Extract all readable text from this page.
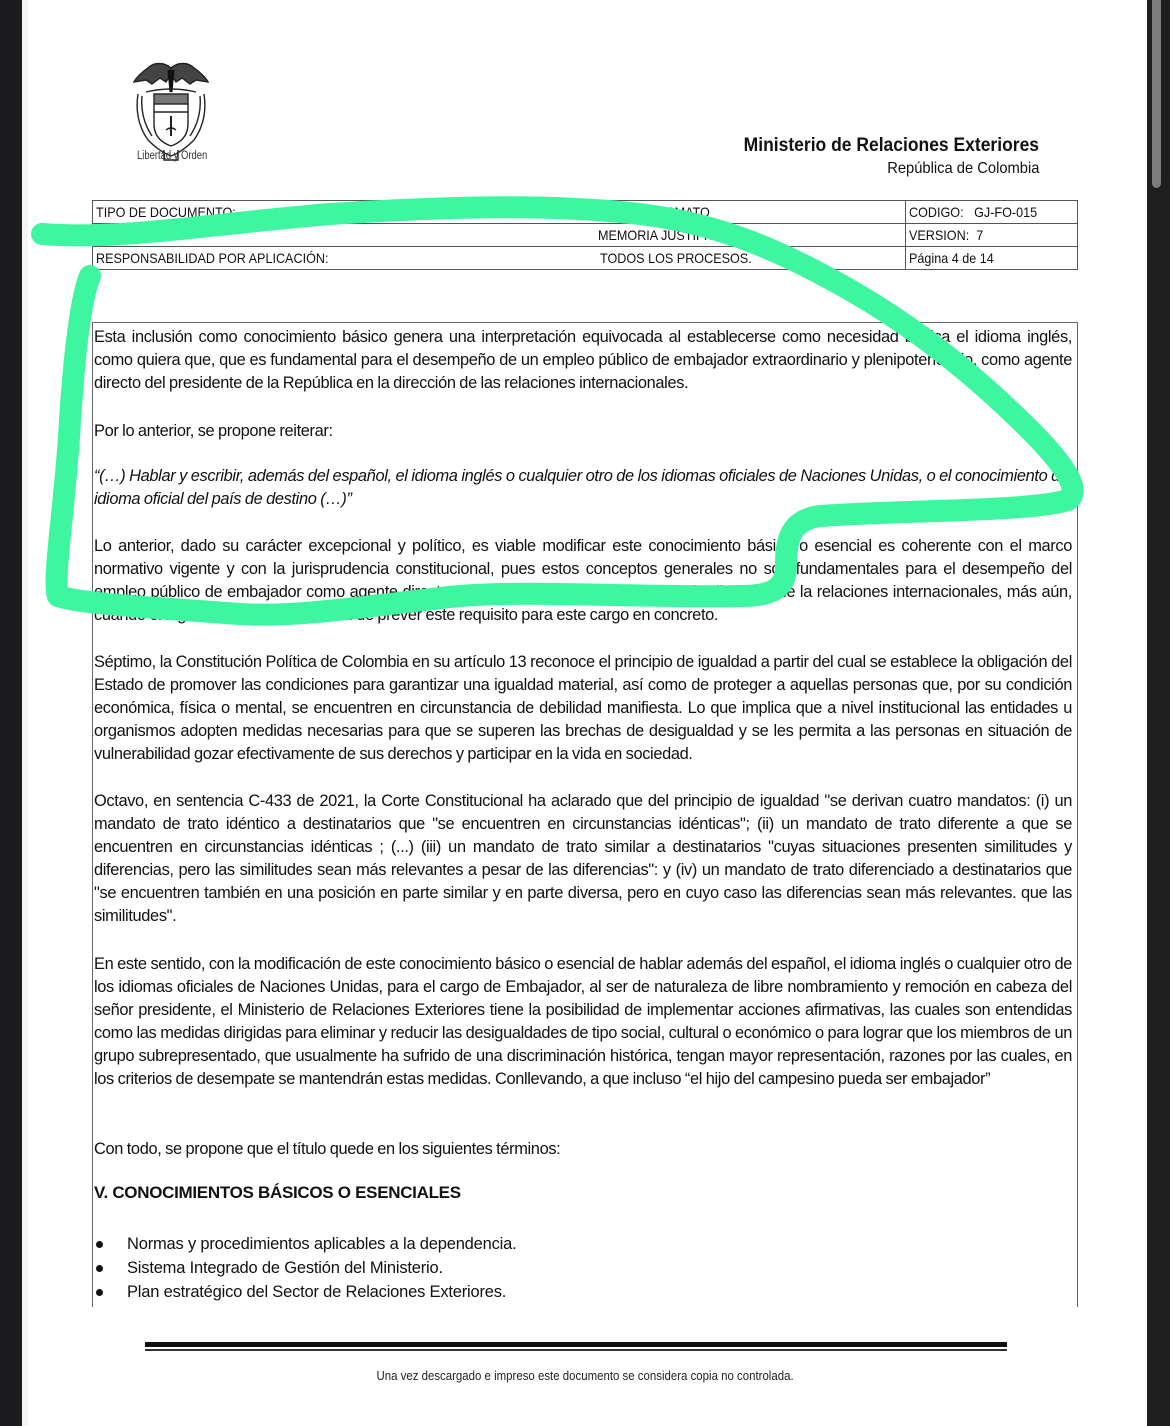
Libertad y Orden	Ministerio de Relaciones Exteriores
República de Colombia
TIPO DE DOCUMENTO:	FORMATO	CODIGO:   GJ-FO-015
NOMBRE:	MEMORIA JUSTIFICATIVA	VERSION:  7
RESPONSABILIDAD POR APLICACIÓN:	TODOS LOS PROCESOS.	Página 4 de 14

Esta inclusión como conocimiento básico genera una interpretación equivocada al establecerse como necesidad básica el idioma inglés, como quiera que, que es fundamental para el desempeño de un empleo público de embajador extraordinario y plenipotenciario, como agente directo del presidente de la República en la dirección de las relaciones internacionales.

Por lo anterior, se propone reiterar:

“(…) Hablar y escribir, además del español, el idioma inglés o cualquier otro de los idiomas oficiales de Naciones Unidas, o el conocimiento del idioma oficial del país de destino (…)”

Lo anterior, dado su carácter excepcional y político, es viable modificar este conocimiento básico o esencial es coherente con el marco normativo vigente y con la jurisprudencia constitucional, pues estos conceptos generales no son fundamentales para el desempeño del empleo público de embajador como agente directo del presidente de la República en la dirección de la relaciones internacionales, más aún, cuando el legislador no tuvo intención de prever este requisito para este cargo en concreto.

Séptimo, la Constitución Política de Colombia en su artículo 13 reconoce el principio de igualdad a partir del cual se establece la obligación del Estado de promover las condiciones para garantizar una igualdad material, así como de proteger a aquellas personas que, por su condición económica, física o mental, se encuentren en circunstancia de debilidad manifiesta. Lo que implica que a nivel institucional las entidades u organismos adopten medidas necesarias para que se superen las brechas de desigualdad y se les permita a las personas en situación de vulnerabilidad gozar efectivamente de sus derechos y participar en la vida en sociedad.

Octavo, en sentencia C-433 de 2021, la Corte Constitucional ha aclarado que del principio de igualdad "se derivan cuatro mandatos: (i) un mandato de trato idéntico a destinatarios que "se encuentren en circunstancias idénticas"; (ii) un mandato de trato diferente a que se encuentren en circunstancias idénticas ; (...) (iii) un mandato de trato similar a destinatarios "cuyas situaciones presenten similitudes y diferencias, pero las similitudes sean más relevantes a pesar de las diferencias": y (iv) un mandato de trato diferenciado a destinatarios que "se encuentren también en una posición en parte similar y en parte diversa, pero en cuyo caso las diferencias sean más relevantes. que las similitudes".

En este sentido, con la modificación de este conocimiento básico o esencial de hablar además del español, el idioma inglés o cualquier otro de los idiomas oficiales de Naciones Unidas, para el cargo de Embajador, al ser de naturaleza de libre nombramiento y remoción en cabeza del señor presidente, el Ministerio de Relaciones Exteriores tiene la posibilidad de implementar acciones afirmativas, las cuales son entendidas como las medidas dirigidas para eliminar y reducir las desigualdades de tipo social, cultural o económico o para lograr que los miembros de un grupo subrepresentado, que usualmente ha sufrido de una discriminación histórica, tengan mayor representación, razones por las cuales, en los criterios de desempate se mantendrán estas medidas. Conllevando, a que incluso “el hijo del campesino pueda ser embajador”

Con todo, se propone que el título quede en los siguientes términos:

V. CONOCIMIENTOS BÁSICOS O ESENCIALES
Normas y procedimientos aplicables a la dependencia.
Sistema Integrado de Gestión del Ministerio.
Plan estratégico del Sector de Relaciones Exteriores.
Una vez descargado e impreso este documento se considera copia no controlada.
